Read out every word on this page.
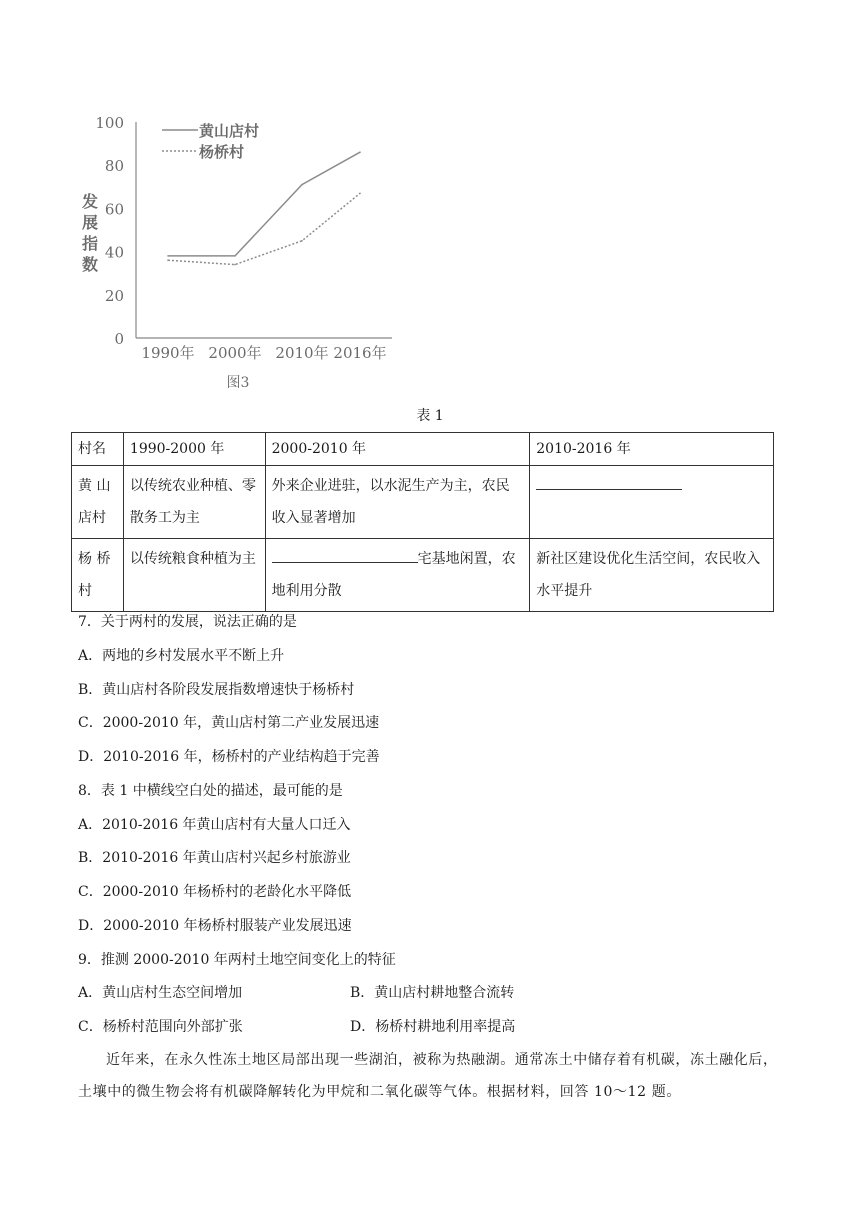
0
20
40
60
80
100
发
展
指
数
1990年 2000年 2010年 2016年
黄山店村
杨桥村
图3
表 1
村名	1990-2000 年	2000-2010 年	2010-2016 年
黄 山 店村	以传统农业种植、零散务工为主	外来企业进驻，以水泥生产为主，农民收入显著增加	
杨 桥 村	以传统粮食种植为主	宅基地闲置，农地利用分散	新社区建设优化生活空间，农民收入水平提升
7．关于两村的发展，说法正确的是
A．两地的乡村发展水平不断上升
B．黄山店村各阶段发展指数增速快于杨桥村
C．2000-2010 年，黄山店村第二产业发展迅速
D．2010-2016 年，杨桥村的产业结构趋于完善
8．表 1 中横线空白处的描述，最可能的是
A．2010-2016 年黄山店村有大量人口迁入
B．2010-2016 年黄山店村兴起乡村旅游业
C．2000-2010 年杨桥村的老龄化水平降低
D．2000-2010 年杨桥村服装产业发展迅速
9．推测 2000-2010 年两村土地空间变化上的特征
A．黄山店村生态空间增加	B．黄山店村耕地整合流转
C．杨桥村范围向外部扩张	D．杨桥村耕地利用率提高
近年来，在永久性冻土地区局部出现一些湖泊，被称为热融湖。通常冻土中储存着有机碳，冻土融化后，土壤中的微生物会将有机碳降解转化为甲烷和二氧化碳等气体。根据材料，回答 10～12 题。
